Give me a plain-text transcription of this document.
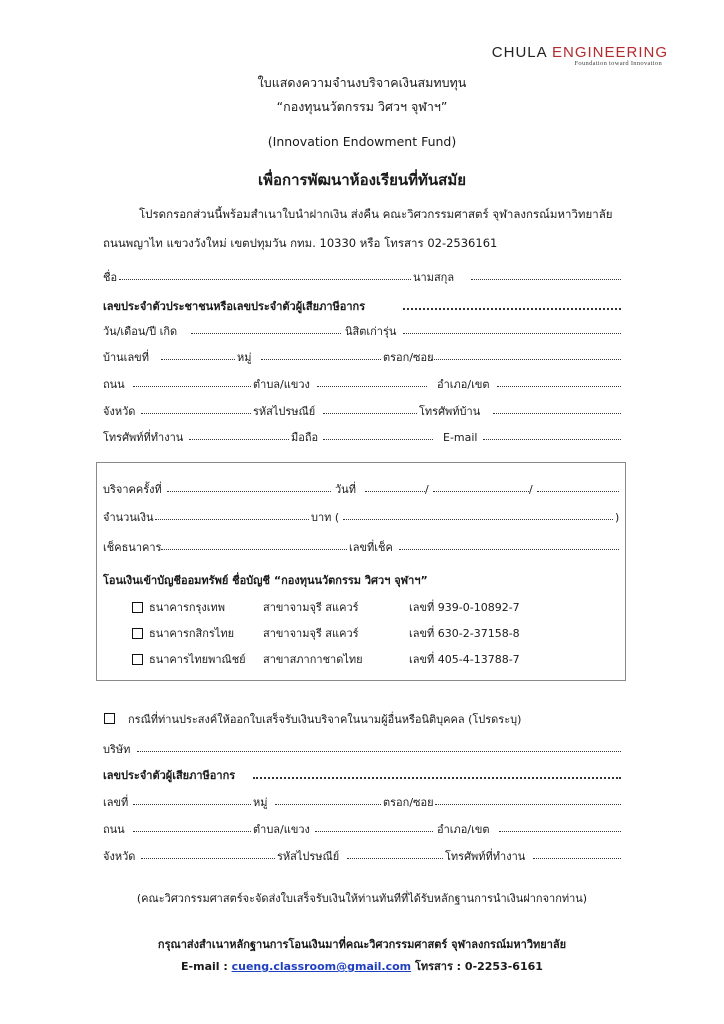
CHULA ENGINEERING
Foundation toward Innovation
ใบแสดงความจำนงบริจาคเงินสมทบทุน
“กองทุนนวัตกรรม วิศวฯ จุฬาฯ”
(Innovation Endowment Fund)
เพื่อการพัฒนาห้องเรียนที่ทันสมัย
โปรดกรอกส่วนนี้พร้อมสำเนาใบนำฝากเงิน ส่งคืน คณะวิศวกรรมศาสตร์ จุฬาลงกรณ์มหาวิทยาลัย
ถนนพญาไท แขวงวังใหม่ เขตปทุมวัน กทม. 10330 หรือ โทรสาร 02-2536161
ชื่อ	นามสกุล
เลขประจำตัวประชาชนหรือเลขประจำตัวผู้เสียภาษีอากร
วัน/เดือน/ปี เกิด	นิสิตเก่ารุ่น
บ้านเลขที่	หมู่	ตรอก/ซอย
ถนน	ตำบล/แขวง	อำเภอ/เขต
จังหวัด	รหัสไปรษณีย์	โทรศัพท์บ้าน
โทรศัพท์ที่ทำงาน	มือถือ	E-mail
บริจาคครั้งที่	วันที่	/	/
จำนวนเงิน	บาท (	)
เช็คธนาคาร	เลขที่เช็ค
โอนเงินเข้าบัญชีออมทรัพย์ ชื่อบัญชี “กองทุนนวัตกรรม วิศวฯ จุฬาฯ”
ธนาคารกรุงเทพ	สาขาจามจุรี สแควร์	เลขที่ 939-0-10892-7
ธนาคารกสิกรไทย	สาขาจามจุรี สแควร์	เลขที่ 630-2-37158-8
ธนาคารไทยพาณิชย์	สาขาสภากาชาดไทย	เลขที่ 405-4-13788-7
กรณีที่ท่านประสงค์ให้ออกใบเสร็จรับเงินบริจาคในนามผู้อื่นหรือนิติบุคคล (โปรดระบุ)
บริษัท
เลขประจำตัวผู้เสียภาษีอากร
เลขที่	หมู่	ตรอก/ซอย
ถนน	ตำบล/แขวง	อำเภอ/เขต
จังหวัด	รหัสไปรษณีย์	โทรศัพท์ที่ทำงาน
(คณะวิศวกรรมศาสตร์จะจัดส่งใบเสร็จรับเงินให้ท่านทันทีที่ได้รับหลักฐานการนำเงินฝากจากท่าน)
กรุณาส่งสำเนาหลักฐานการโอนเงินมาที่คณะวิศวกรรมศาสตร์ จุฬาลงกรณ์มหาวิทยาลัย
E-mail : cueng.classroom@gmail.com โทรสาร : 0-2253-6161
